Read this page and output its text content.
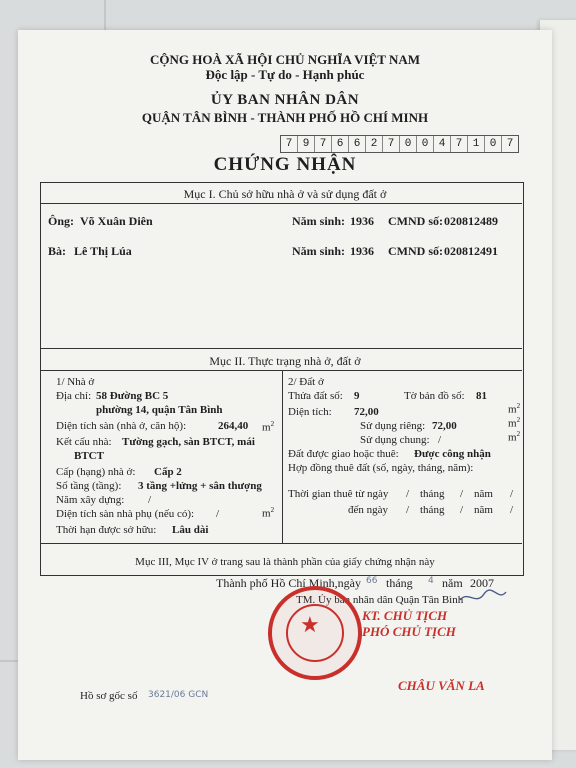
CỘNG HOÀ XÃ HỘI CHỦ NGHĨA VIỆT NAM
Độc lập - Tự do - Hạnh phúc
ỦY BAN NHÂN DÂN
QUẬN TÂN BÌNH - THÀNH PHỐ HỒ CHÍ MINH
7 9 7 6 6 2 7 0 0 4 7 1 0 7
CHỨNG NHẬN
Mục I. Chủ sở hữu nhà ở và sử dụng đất ở
Ông: Võ Xuân Diên	Năm sinh: 1936 CMND số: 020812489
Bà: Lê Thị Lúa	Năm sinh: 1936 CMND số: 020812491
Mục II. Thực trạng nhà ở, đất ở
1/ Nhà ở
Địa chỉ: 58 Đường BC 5
phường 14, quận Tân Bình
Diện tích sàn (nhà ở, căn hộ):	264,40 $m^2$
Kết cấu nhà: Tường gạch, sàn BTCT, mái
BTCT
Cấp (hạng) nhà ở: Cấp 2
Số tầng (tầng): 3 tầng +lửng + sân thượng
Năm xây dựng: /
Diện tích sàn nhà phụ (nếu có): /	$m^2$
Thời hạn được sở hữu: Lâu dài
2/ Đất ở
Thửa đất số: 9	Tờ bản đồ số: 81
Diện tích: 72,00	$m^2$
Sử dụng riêng: 72,00	$m^2$
Sử dụng chung: /	$m^2$
Đất được giao hoặc thuê: Được công nhận
Hợp đồng thuê đất (số, ngày, tháng, năm):
Thời gian thuê từ ngày / tháng / năm /
đến ngày / tháng / năm /
Mục III, Mục IV ở trang sau là thành phần của giấy chứng nhận này
Thành phố Hồ Chí Minh,ngày 66 tháng 4 năm 2007
TM. Ủy ban nhân dân Quận Tân Bình
KT. CHỦ TỊCH
PHÓ CHỦ TỊCH
CHÂU VĂN LA
Hồ sơ gốc số 3621/06 GCN
★
